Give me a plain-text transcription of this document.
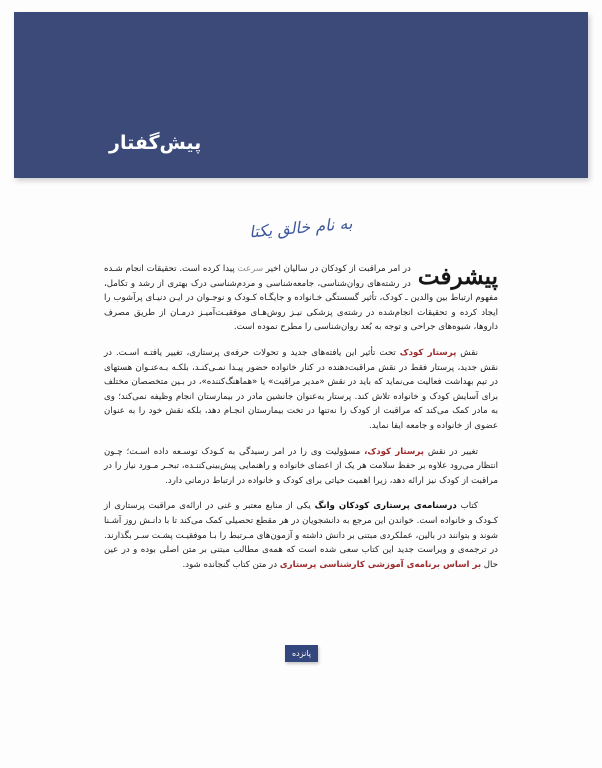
پیش‌گفتار
به نام خالق یکتا

پیشرفت
در امر مراقبت از کودکان در سالیان اخیر سرعت پیدا کرده است. تحقیقات انجام شـده در رشته‌های روان‌شناسی، جامعه‌شناسی و مردم‌شناسی درک بهتری از رشد و تکامل، مفهوم ارتباط بین والدین ـ کودک، تأثیر گسستگی خـانواده و جایگـاه کـودک و نوجـوان در ایـن دنیـای پرآشوب را ایجاد کرده و تحقیقات انجام‌شده در رشته‌ی پزشکی نیـز روش‌هـای موفقیـت‌آمیـز درمـان از طریق مصرف داروها، شیوه‌های جراحی و توجه به بُعد روان‌شناسی را مطرح نموده است.

نقش پرستار کودک تحت تأثیر این یافته‌های جدید و تحولات حرفه‌ی پرستاری، تغییر یافتـه اسـت. در نقش جدید، پرستار فقط در نقش مراقبت‌دهنده در کنار خانواده حضور پیـدا نمـی‌کنـد، بلکـه بـه‌عنـوان هستهای در تیم بهداشت فعالیت می‌نماید که باید در نقش «مدیر مراقبت» یا «هماهنگ‌کننده»، در بـین متخصصان مختلف برای آسایش کودک و خانواده تلاش کند. پرستار به‌عنوان جانشین مادر در بیمارستان انجام وظیفه نمی‌کند؛ وی به مادر کمک می‌کند که مراقبت از کودک را نه‌تنها در تخت بیمارستان انجـام دهد، بلکه نقش خود را به عنوان عضوی از خانواده و جامعه ایفا نماید.

تغییر در نقش پرستار کودک، مسؤولیت وی را در امر رسیدگی به کـودک توسـعه داده اسـت؛ چـون انتظار می‌رود علاوه بر حفظ سلامت هر یک از اعضای خانواده و راهنمایی پیش‌بینی‌کننـده، تبحـر مـورد نیاز را در مراقبت از کودک نیز ارائه دهد، زیرا اهمیت حیاتی برای کودک و خانواده در ارتباط درمانی دارد.

کتاب درسنامه‌ی پرستاری کودکان وانگ یکی از منابع معتبر و غنی در ارائه‌ی مراقبت پرستاری از کـودک و خانواده است. خواندن این مرجع به دانشجویان در هر مقطع تحصیلی کمک می‌کند تا با دانـش روز آشـنا شوند و بتوانند در بالین، عملکردی مبتنی بر دانش داشته و آزمون‌های مـرتبط را بـا موفقیـت پشـت سـر بگذارند. در ترجمه‌ی و ویراست جدید این کتاب سعی شده است که همه‌ی مطالب مبتنی بر متن اصلی بوده و در عین حال بر اساس برنامه‌ی آموزشی کارشناسی پرستاری در متن کتاب گنجانده شود.

پانزده
